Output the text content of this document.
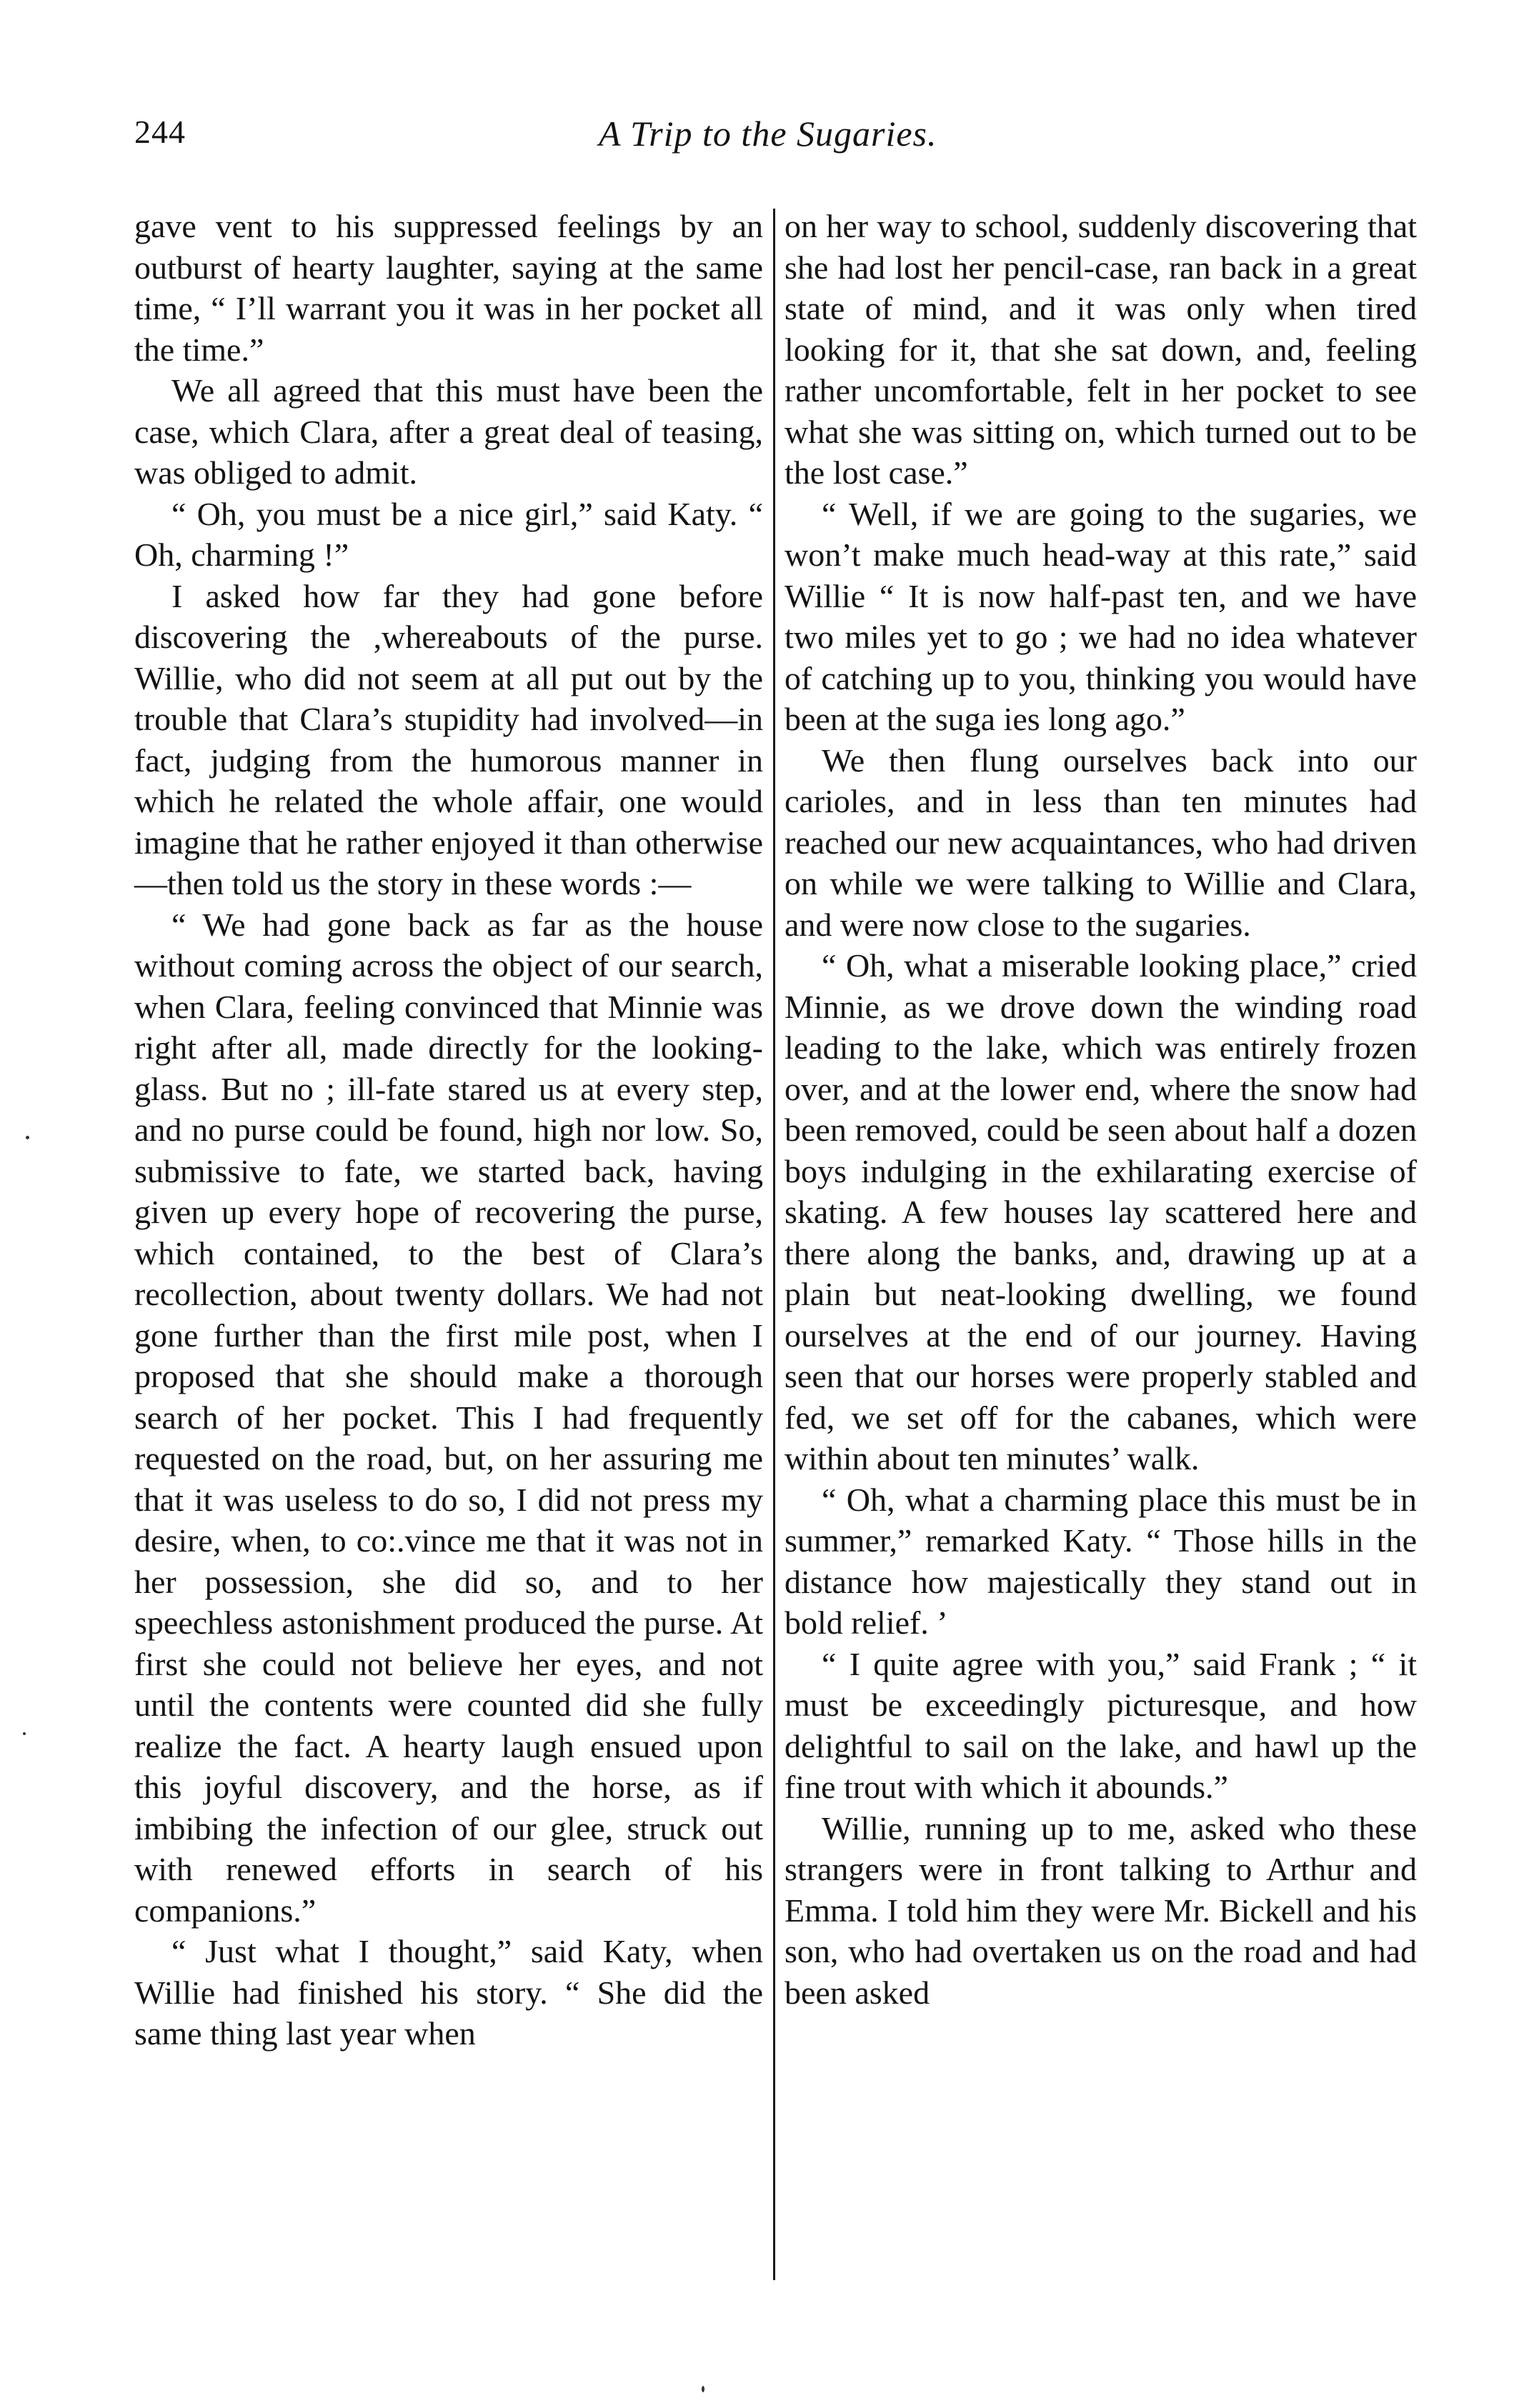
244	A Trip to the Sugaries.

gave vent to his suppressed feelings by an outburst of hearty laughter, saying at the same time, “ I’ll warrant you it was in her pocket all the time.”

We all agreed that this must have been the case, which Clara, after a great deal of teasing, was obliged to admit.

“ Oh, you must be a nice girl,” said Katy. “ Oh, charming !”

I asked how far they had gone before discovering the ,whereabouts of the purse. Willie, who did not seem at all put out by the trouble that Clara’s stupidity had involved—in fact, judging from the humorous manner in which he related the whole affair, one would imagine that he rather enjoyed it than otherwise—then told us the story in these words :—

“ We had gone back as far as the house without coming across the object of our search, when Clara, feeling convinced that Minnie was right after all, made directly for the looking-glass. But no ; ill-fate stared us at every step, and no purse could be found, high nor low. So, submissive to fate, we started back, having given up every hope of recovering the purse, which contained, to the best of Clara’s recollection, about twenty dollars. We had not gone further than the first mile post, when I proposed that she should make a thorough search of her pocket. This I had frequently requested on the road, but, on her assuring me that it was useless to do so, I did not press my desire, when, to co:.vince me that it was not in her possession, she did so, and to her speechless astonishment produced the purse. At first she could not believe her eyes, and not until the contents were counted did she fully realize the fact. A hearty laugh ensued upon this joyful discovery, and the horse, as if imbibing the infection of our glee, struck out with renewed efforts in search of his companions.”

“ Just what I thought,” said Katy, when Willie had finished his story. “ She did the same thing last year when

on her way to school, suddenly discovering that she had lost her pencil-case, ran back in a great state of mind, and it was only when tired looking for it, that she sat down, and, feeling rather uncomfortable, felt in her pocket to see what she was sitting on, which turned out to be the lost case.”

“ Well, if we are going to the sugaries, we won’t make much head-way at this rate,” said Willie “ It is now half-past ten, and we have two miles yet to go ; we had no idea whatever of catching up to you, thinking you would have been at the suga ies long ago.”

We then flung ourselves back into our carioles, and in less than ten minutes had reached our new acquaintances, who had driven on while we were talking to Willie and Clara, and were now close to the sugaries.

“ Oh, what a miserable looking place,” cried Minnie, as we drove down the winding road leading to the lake, which was entirely frozen over, and at the lower end, where the snow had been removed, could be seen about half a dozen boys indulging in the exhilarating exercise of skating. A few houses lay scattered here and there along the banks, and, drawing up at a plain but neat-looking dwelling, we found ourselves at the end of our journey. Having seen that our horses were properly stabled and fed, we set off for the cabanes, which were within about ten minutes’ walk.

“ Oh, what a charming place this must be in summer,” remarked Katy. “ Those hills in the distance how majestically they stand out in bold relief. ’

“ I quite agree with you,” said Frank ; “ it must be exceedingly picturesque, and how delightful to sail on the lake, and hawl up the fine trout with which it abounds.”

Willie, running up to me, asked who these strangers were in front talking to Arthur and Emma. I told him they were Mr. Bickell and his son, who had overtaken us on the road and had been asked
